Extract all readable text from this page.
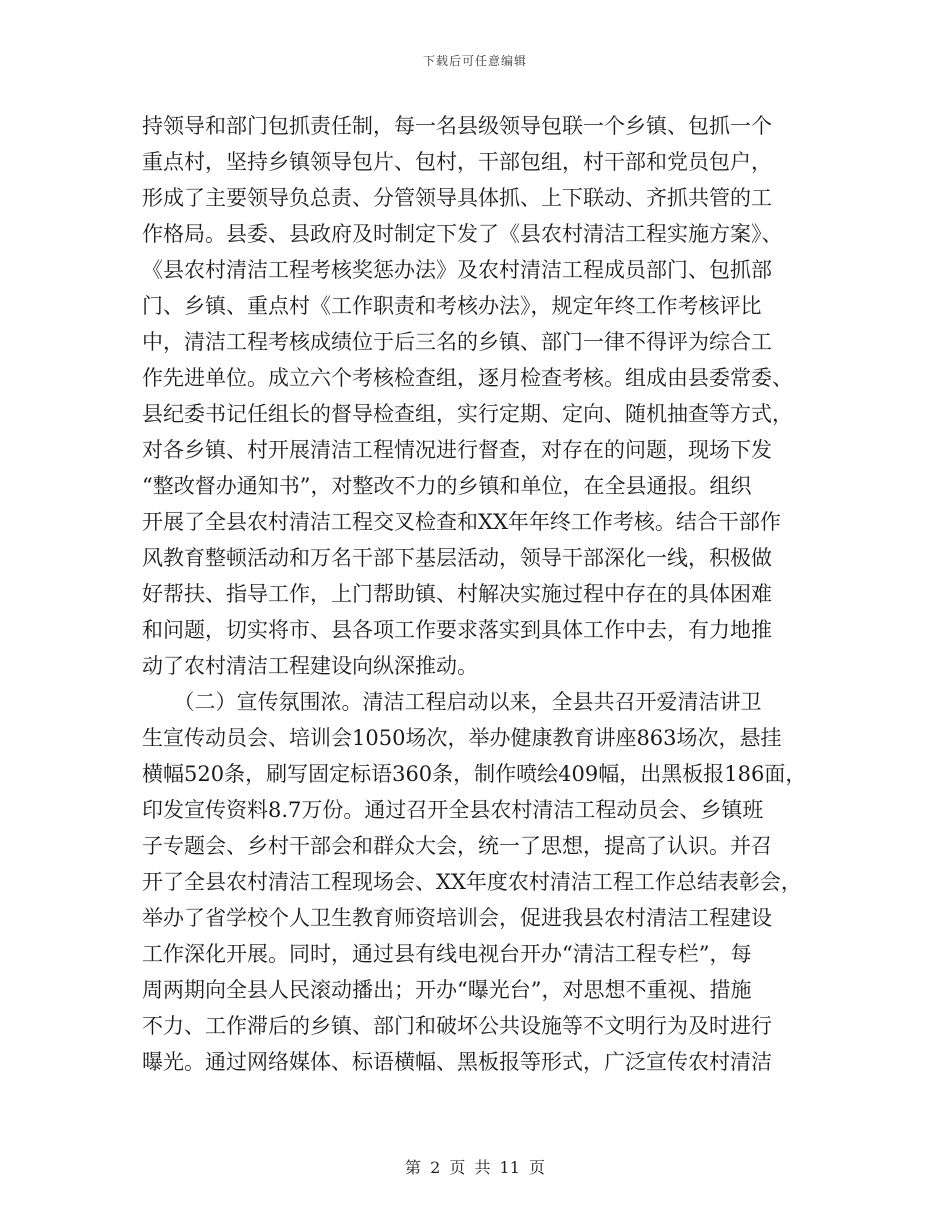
下载后可任意编辑
持领导和部门包抓责任制，每一名县级领导包联一个乡镇、包抓一个
重点村，坚持乡镇领导包片、包村，干部包组，村干部和党员包户，
形成了主要领导负总责、分管领导具体抓、上下联动、齐抓共管的工
作格局。县委、县政府及时制定下发了《县农村清洁工程实施方案》、
《县农村清洁工程考核奖惩办法》及农村清洁工程成员部门、包抓部
门、乡镇、重点村《工作职责和考核办法》，规定年终工作考核评比
中，清洁工程考核成绩位于后三名的乡镇、部门一律不得评为综合工
作先进单位。成立六个考核检查组，逐月检查考核。组成由县委常委、
县纪委书记任组长的督导检查组，实行定期、定向、随机抽查等方式，
对各乡镇、村开展清洁工程情况进行督查，对存在的问题，现场下发
“整改督办通知书”，对整改不力的乡镇和单位，在全县通报。组织
开展了全县农村清洁工程交叉检查和XX年年终工作考核。结合干部作
风教育整顿活动和万名干部下基层活动，领导干部深化一线，积极做
好帮扶、指导工作，上门帮助镇、村解决实施过程中存在的具体困难
和问题，切实将市、县各项工作要求落实到具体工作中去，有力地推
动了农村清洁工程建设向纵深推动。
　　（二）宣传氛围浓。清洁工程启动以来，全县共召开爱清洁讲卫
生宣传动员会、培训会1050场次，举办健康教育讲座863场次，悬挂
横幅520条，刷写固定标语360条，制作喷绘409幅，出黑板报186面，
印发宣传资料8.7万份。通过召开全县农村清洁工程动员会、乡镇班
子专题会、乡村干部会和群众大会，统一了思想，提高了认识。并召
开了全县农村清洁工程现场会、XX年度农村清洁工程工作总结表彰会，
举办了省学校个人卫生教育师资培训会，促进我县农村清洁工程建设
工作深化开展。同时，通过县有线电视台开办“清洁工程专栏”，每
周两期向全县人民滚动播出；开办“曝光台”，对思想不重视、措施
不力、工作滞后的乡镇、部门和破坏公共设施等不文明行为及时进行
曝光。通过网络媒体、标语横幅、黑板报等形式，广泛宣传农村清洁
第 2 页 共 11 页
